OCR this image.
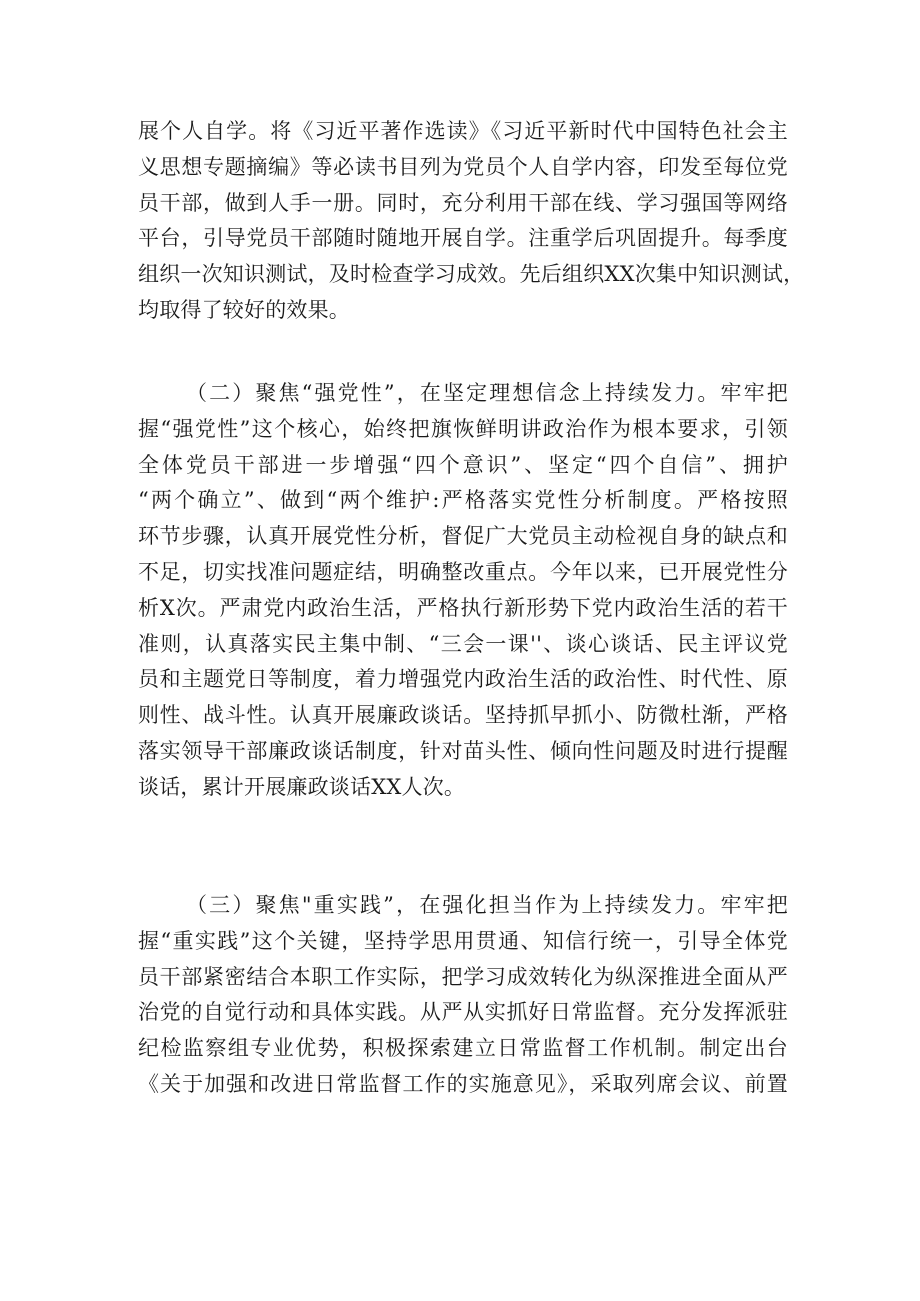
展个人自学。将《习近平著作选读》《习近平新时代中国特色社会主
义思想专题摘编》等必读书目列为党员个人自学内容，印发至每位党
员干部，做到人手一册。同时，充分利用干部在线、学习强国等网络
平台，引导党员干部随时随地开展自学。注重学后巩固提升。每季度
组织一次知识测试，及时检查学习成效。先后组织XX次集中知识测试，
均取得了较好的效果。

（二）聚焦“强党性”，在坚定理想信念上持续发力。牢牢把
握“强党性”这个核心，始终把旗恢鲜明讲政治作为根本要求，引领
全体党员干部进一步增强“四个意识”、坚定“四个自信”、拥护
“两个确立”、做到“两个维护:严格落实党性分析制度。严格按照
环节步骤，认真开展党性分析，督促广大党员主动检视自身的缺点和
不足，切实找准问题症结，明确整改重点。今年以来，已开展党性分
析X次。严肃党内政治生活，严格执行新形势下党内政治生活的若干
准则，认真落实民主集中制、“三会一课''、谈心谈话、民主评议党
员和主题党日等制度，着力增强党内政治生活的政治性、时代性、原
则性、战斗性。认真开展廉政谈话。坚持抓早抓小、防微杜渐，严格
落实领导干部廉政谈话制度，针对苗头性、倾向性问题及时进行提醒
谈话，累计开展廉政谈话XX人次。

（三）聚焦"重实践”，在强化担当作为上持续发力。牢牢把
握“重实践”这个关键，坚持学思用贯通、知信行统一，引导全体党
员干部紧密结合本职工作实际，把学习成效转化为纵深推进全面从严
治党的自觉行动和具体实践。从严从实抓好日常监督。充分发挥派驻
纪检监察组专业优势，积极探索建立日常监督工作机制。制定出台
《关于加强和改进日常监督工作的实施意见》，采取列席会议、前置
